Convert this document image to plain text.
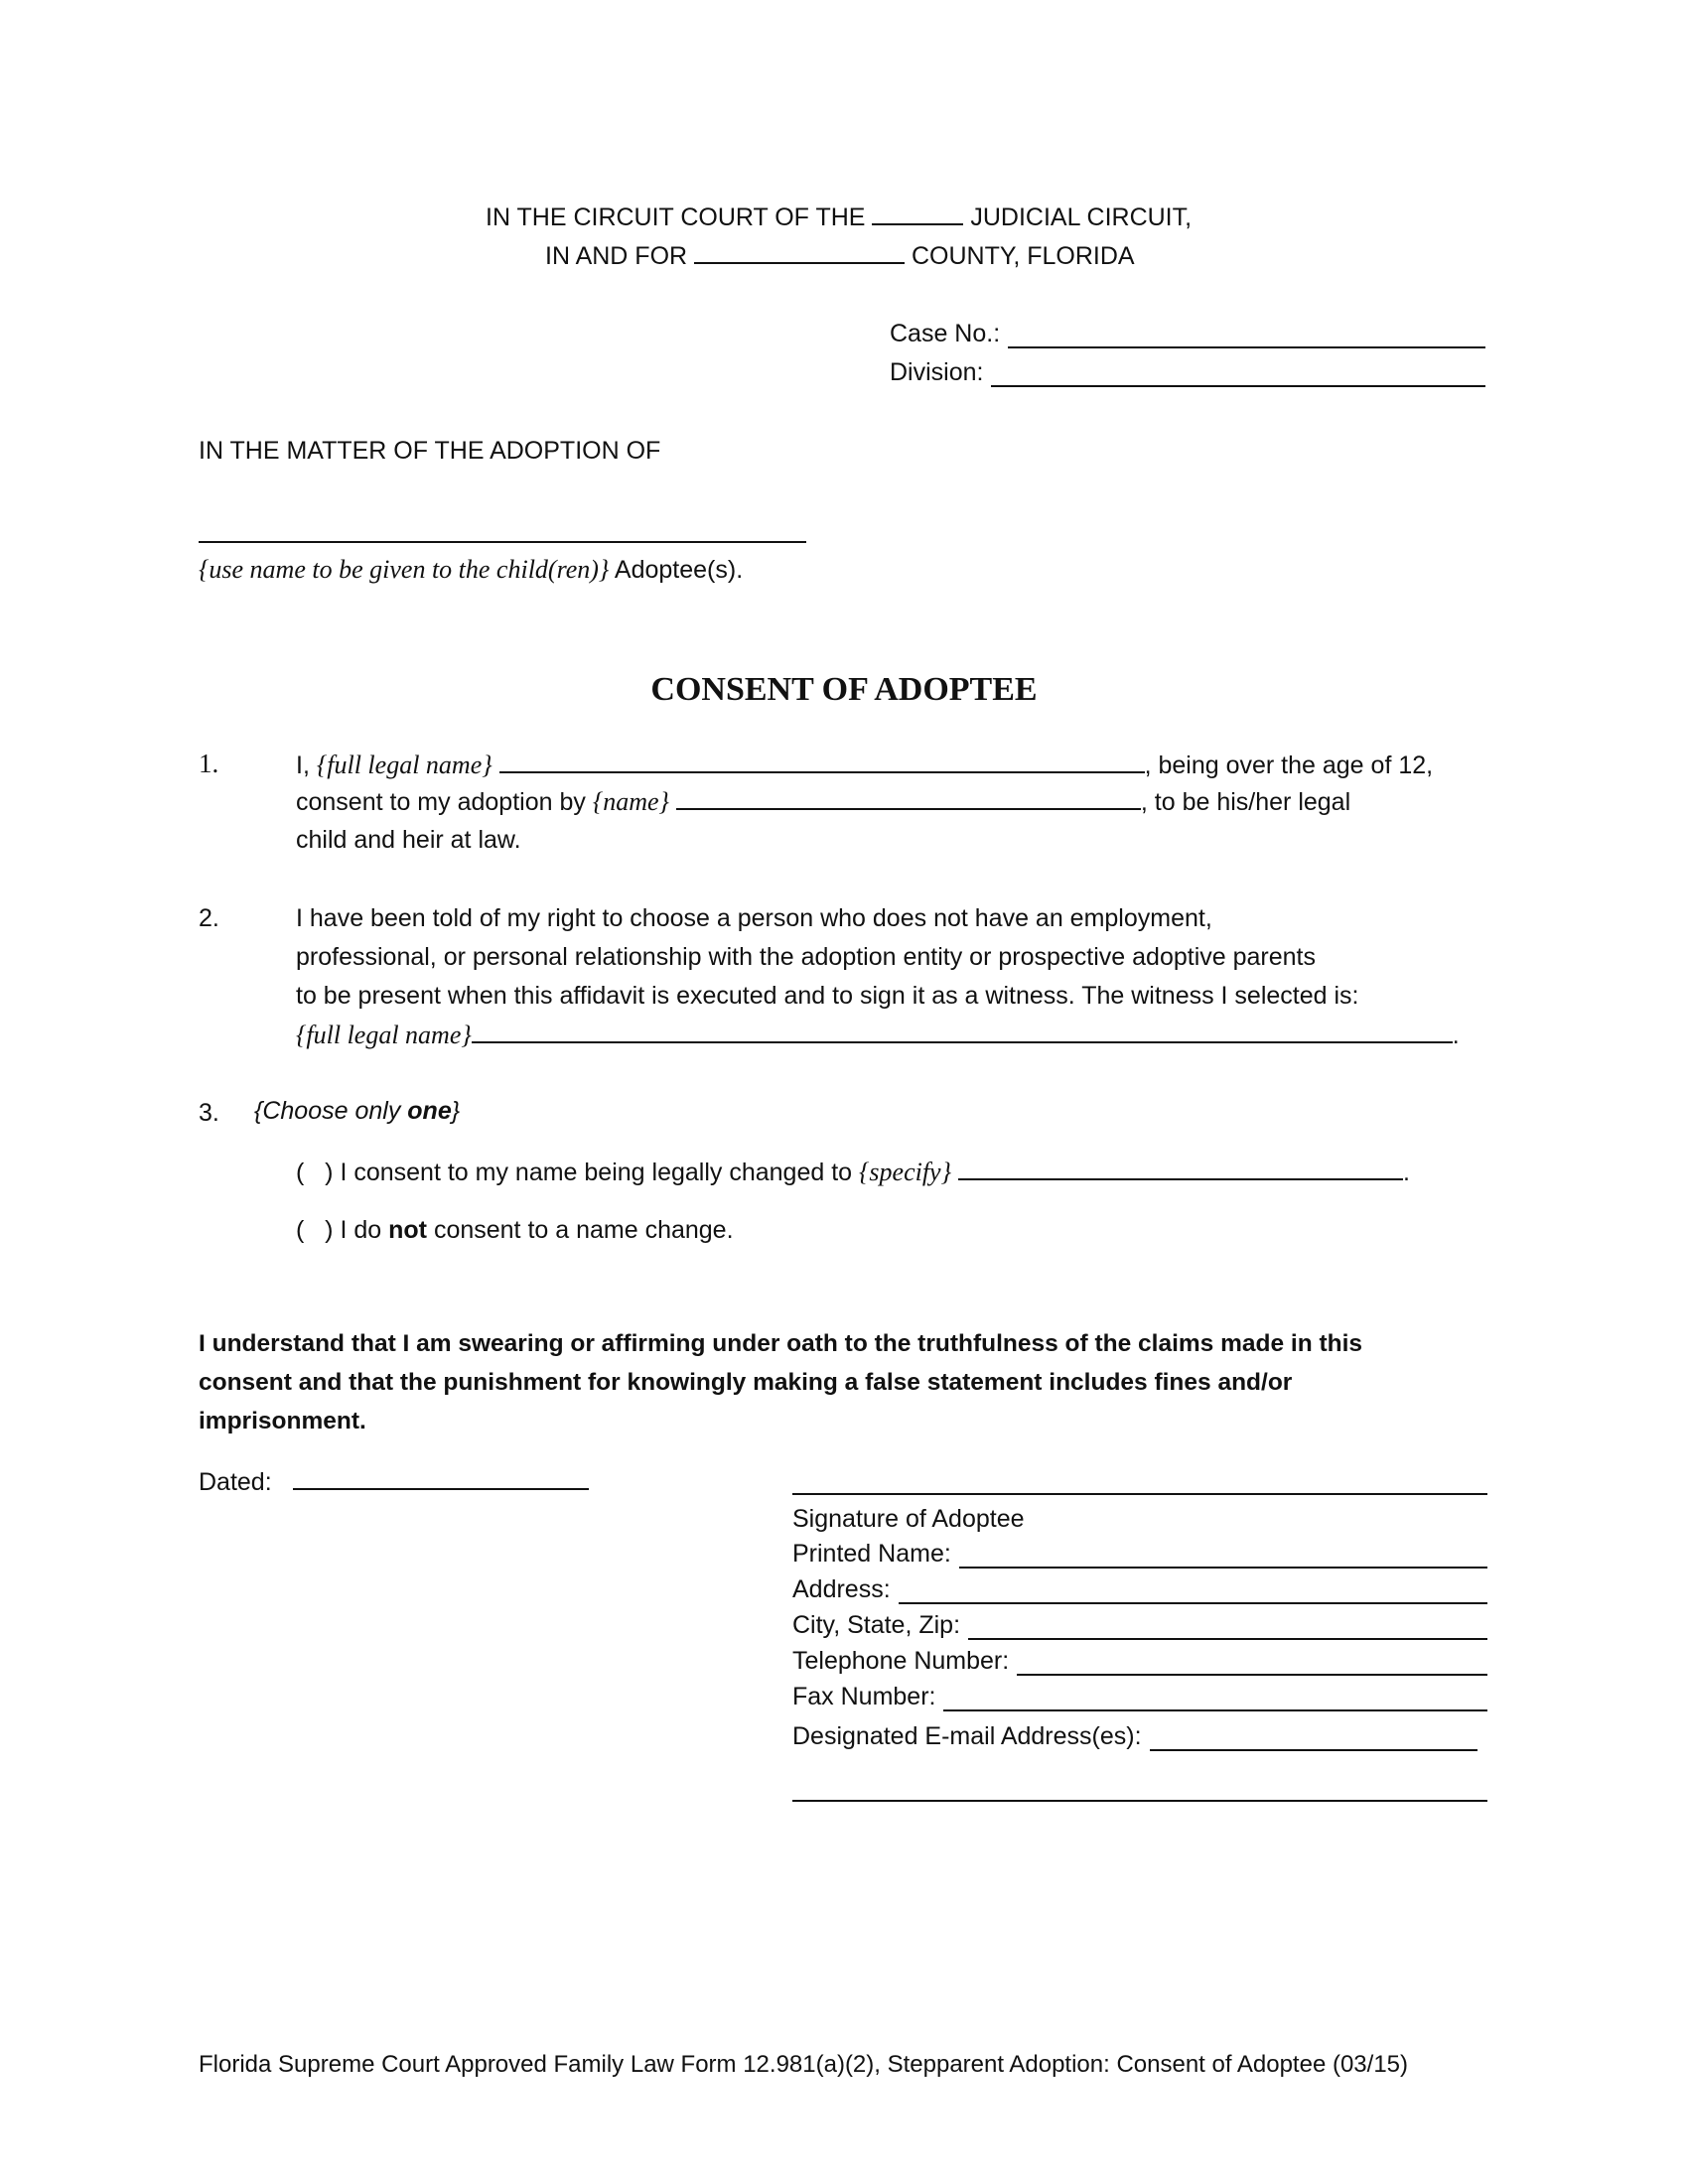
IN THE CIRCUIT COURT OF THE	JUDICIAL CIRCUIT,
IN AND FOR	COUNTY, FLORIDA
Case No.:
Division:
IN THE MATTER OF THE ADOPTION OF
{use name to be given to the child(ren)} Adoptee(s).
CONSENT OF ADOPTEE
1.	I, {full legal name}	, being over the age of 12,
consent to my adoption by {name}	, to be his/her legal
child and heir at law.
2.	I have been told of my right to choose a person who does not have an employment,
professional, or personal relationship with the adoption entity or prospective adoptive parents
to be present when this affidavit is executed and to sign it as a witness. The witness I selected is:
{full legal name}	.
3. {Choose only one}
(   ) I consent to my name being legally changed to {specify}	.
(   ) I do not consent to a name change.
I understand that I am swearing or affirming under oath to the truthfulness of the claims made in this
consent and that the punishment for knowingly making a false statement includes fines and/or
imprisonment.
Dated:
Signature of Adoptee
Printed Name:
Address:
City, State, Zip:
Telephone Number:
Fax Number:
Designated E-mail Address(es):
Florida Supreme Court Approved Family Law Form 12.981(a)(2), Stepparent Adoption: Consent of Adoptee (03/15)
